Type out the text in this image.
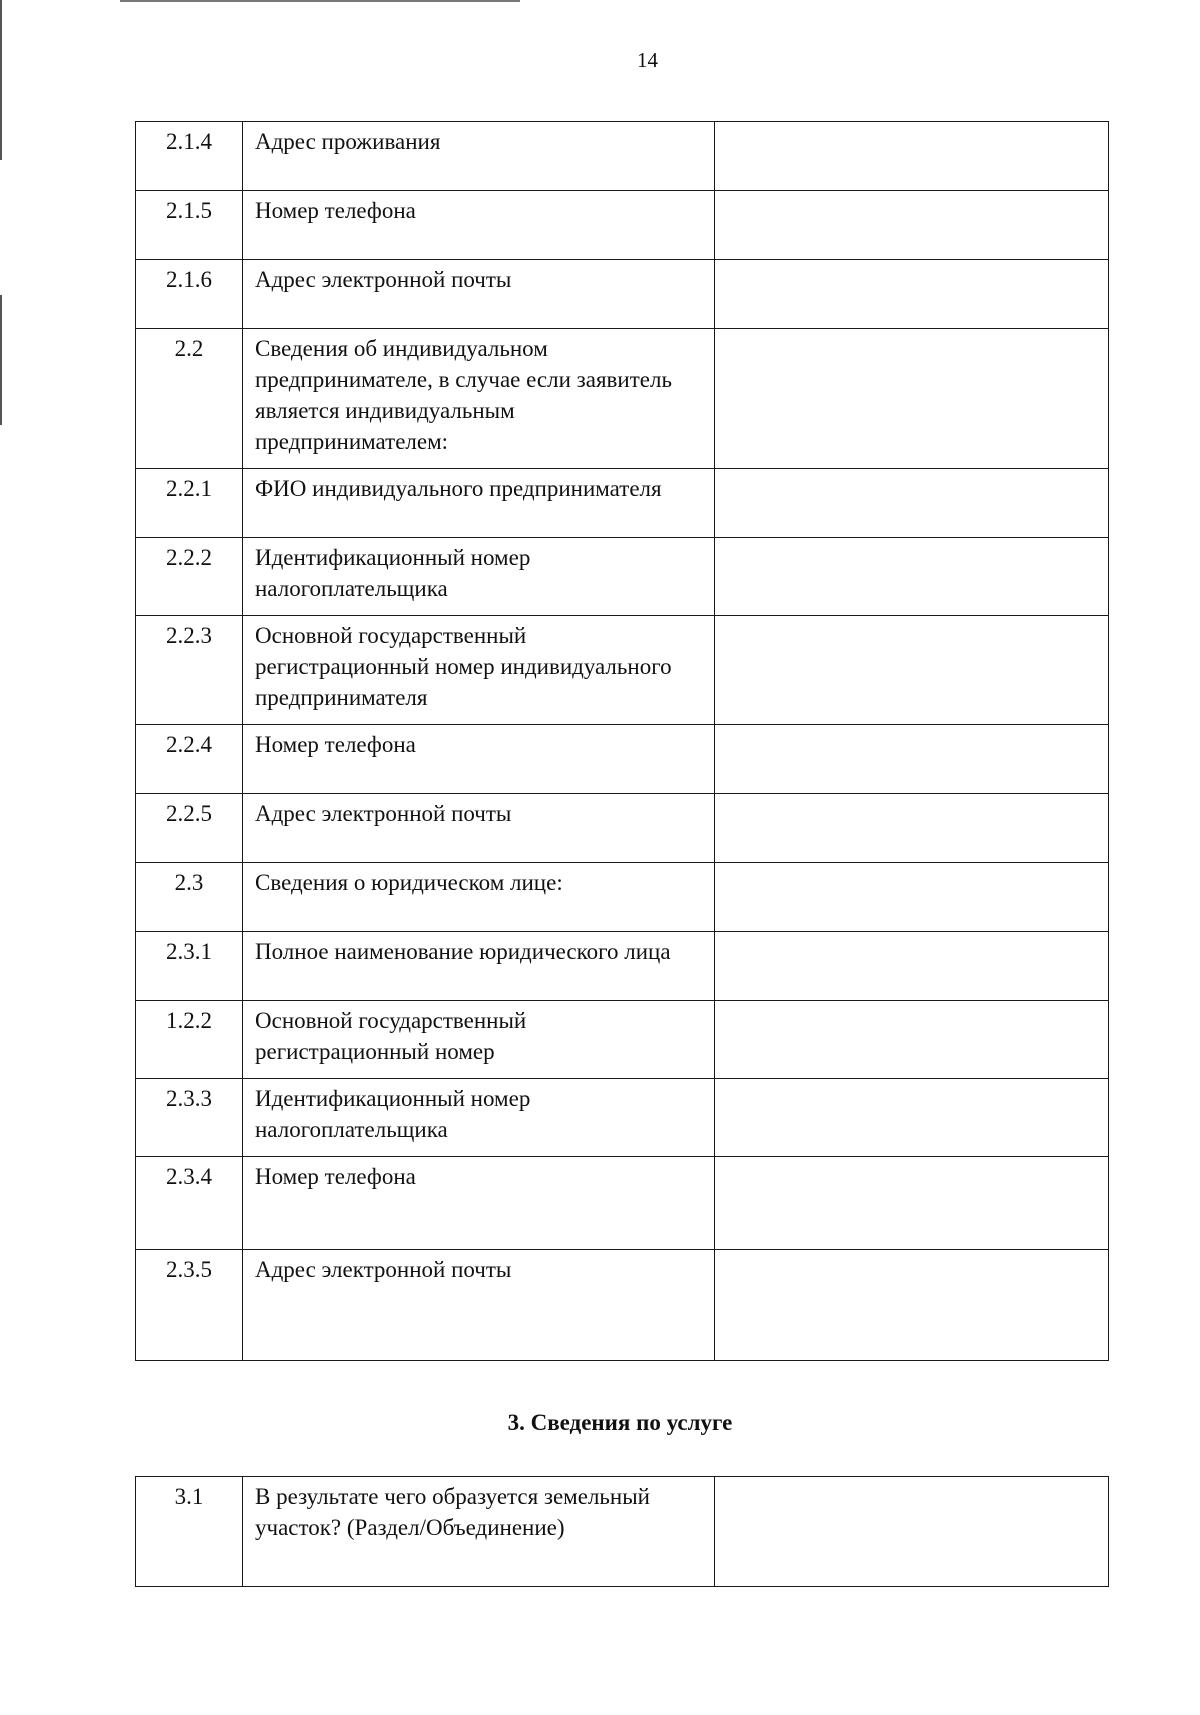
14
2.1.4	Адрес проживания	
2.1.5	Номер телефона	
2.1.6	Адрес электронной почты	
2.2	Сведения об индивидуальном предпринимателе, в случае если заявитель является индивидуальным предпринимателем:	
2.2.1	ФИО индивидуального предпринимателя	
2.2.2	Идентификационный номер налогоплательщика	
2.2.3	Основной государственный регистрационный номер индивидуального предпринимателя	
2.2.4	Номер телефона	
2.2.5	Адрес электронной почты	
2.3	Сведения о юридическом лице:	
2.3.1	Полное наименование юридического лица	
1.2.2	Основной государственный регистрационный номер	
2.3.3	Идентификационный номер налогоплательщика	
2.3.4	Номер телефона	
2.3.5	Адрес электронной почты	
3. Сведения по услуге
3.1	В результате чего образуется земельный участок? (Раздел/Объединение)	
